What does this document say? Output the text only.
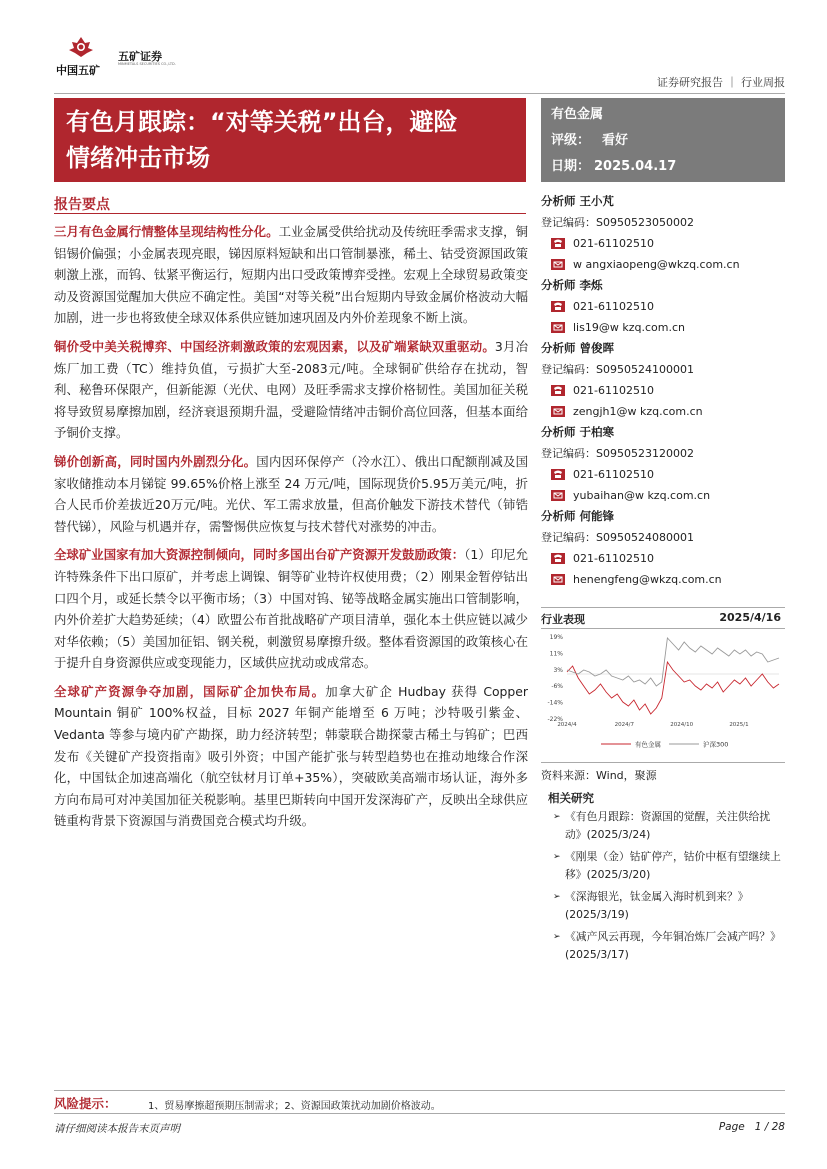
中国五矿
五矿证券
MINMETALS SECURITIES CO.,LTD.
证券研究报告 ｜ 行业周报
有色月跟踪：“对等关税”出台，避险
情绪冲击市场
有色金属
评级： 看好
日期： 2025.04.17
报告要点

三月有色金属行情整体呈现结构性分化。工业金属受供给扰动及传统旺季需求支撑，铜铝锡价偏强；小金属表现亮眼，锑因原料短缺和出口管制暴涨，稀土、钴受资源国政策刺激上涨，而钨、钛紧平衡运行，短期内出口受政策博弈受挫。宏观上全球贸易政策变动及资源国觉醒加大供应不确定性。美国“对等关税”出台短期内导致金属价格波动大幅加剧，进一步也将致使全球双体系供应链加速巩固及内外价差现象不断上演。

铜价受中美关税博弈、中国经济刺激政策的宏观因素，以及矿端紧缺双重驱动。3月冶炼厂加工费（TC）维持负值，亏损扩大至-2083元/吨。全球铜矿供给存在扰动，智利、秘鲁环保限产，但新能源（光伏、电网）及旺季需求支撑价格韧性。美国加征关税将导致贸易摩擦加剧，经济衰退预期升温，受避险情绪冲击铜价高位回落，但基本面给予铜价支撑。

锑价创新高，同时国内外剧烈分化。国内因环保停产（冷水江）、俄出口配额削减及国家收储推动本月锑锭 99.65%价格上涨至 24 万元/吨，国际现货价5.95万美元/吨，折合人民币价差拔近20万元/吨。光伏、军工需求放量，但高价触发下游技术替代（铈锆替代锑），风险与机遇并存，需警惕供应恢复与技术替代对涨势的冲击。

全球矿业国家有加大资源控制倾向，同时多国出台矿产资源开发鼓励政策：（1）印尼允许特殊条件下出口原矿，并考虑上调镍、铜等矿业特许权使用费；（2）刚果金暂停钴出口四个月，或延长禁令以平衡市场；（3）中国对钨、铋等战略金属实施出口管制影响，内外价差扩大趋势延续；（4）欧盟公布首批战略矿产项目清单，强化本土供应链以减少对华依赖；（5）美国加征铝、钢关税，刺激贸易摩擦升级。整体看资源国的政策核心在于提升自身资源供应或变现能力，区域供应扰动或成常态。

全球矿产资源争夺加剧，国际矿企加快布局。加拿大矿企 Hudbay 获得 Copper Mountain 铜矿 100%权益，目标 2027 年铜产能增至 6 万吨；沙特吸引紫金、Vedanta 等参与境内矿产勘探，助力经济转型；韩蒙联合勘探蒙古稀土与钨矿；巴西发布《关键矿产投资指南》吸引外资；中国产能扩张与转型趋势也在推动地缘合作深化，中国钛企加速高端化（航空钛材月订单+35%），突破欧美高端市场认证，海外多方向布局可对冲美国加征关税影响。基里巴斯转向中国开发深海矿产，反映出全球供应链重构背景下资源国与消费国竞合模式均升级。

分析师 王小芃
登记编码：S0950523050002
021-61102510
w angxiaopeng@wkzq.com.cn
分析师 李烁
021-61102510
lis19@w kzq.com.cn
分析师 曾俊晖
登记编码：S0950524100001
021-61102510
zengjh1@w kzq.com.cn
分析师 于柏寒
登记编码：S0950523120002
021-61102510
yubaihan@w kzq.com.cn
分析师 何能锋
登记编码：S0950524080001
021-61102510
henengfeng@wkzq.com.cn
行业表现	2025/4/16
19%
11%
3%
-6%
-14%
-22%
2024/4	2024/7	2024/10	2025/1
有色金属	沪深300
资料来源：Wind，聚源
相关研究
➢ 《有色月跟踪：资源国的觉醒，关注供给扰动》(2025/3/24)
➢ 《刚果（金）钴矿停产，钴价中枢有望继续上移》(2025/3/20)
➢ 《深海银光，钛金属入海时机到来？》(2025/3/19)
➢ 《减产风云再现，今年铜冶炼厂会减产吗？》(2025/3/17)
风险提示：	1、贸易摩擦超预期压制需求；2、资源国政策扰动加剧价格波动。
请仔细阅读本报告末页声明	Page 1 / 28
